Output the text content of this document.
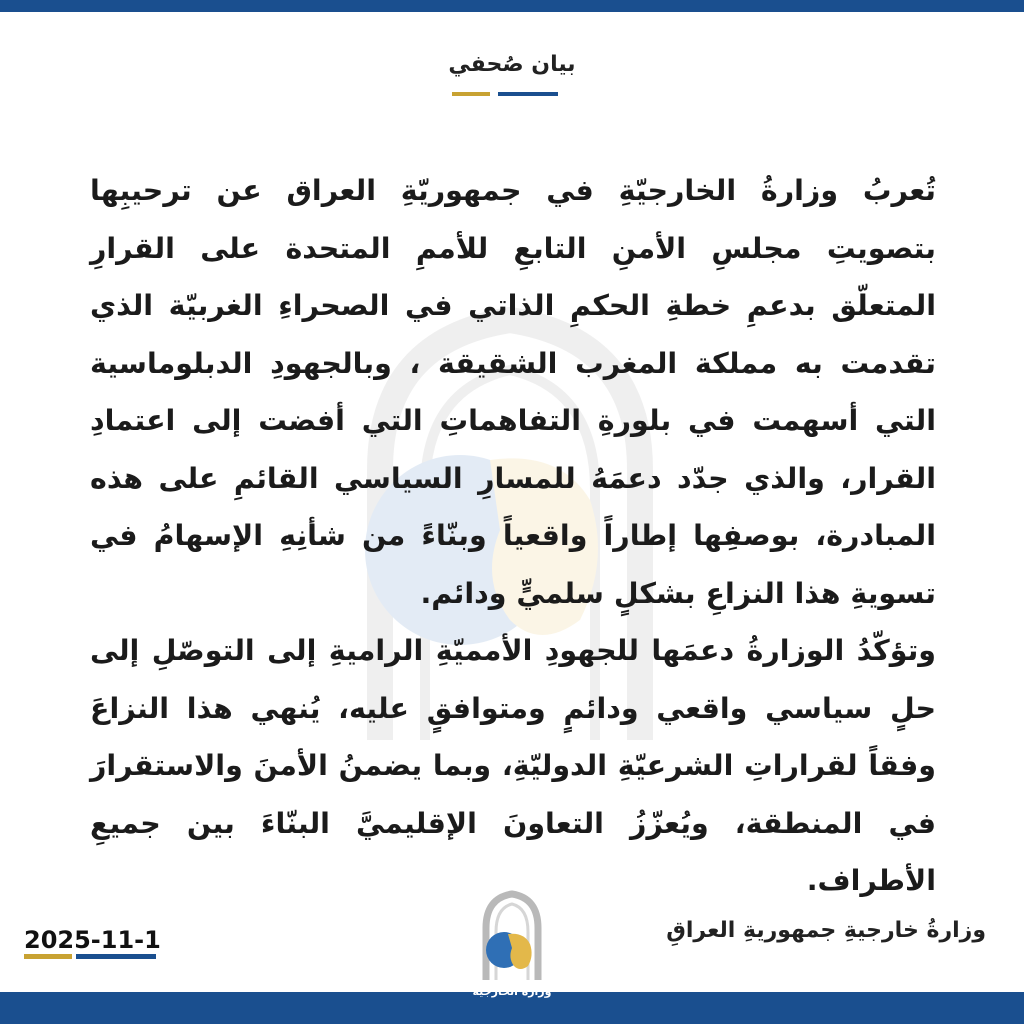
بيان صُحفي

تُعربُ وزارةُ الخارجيّةِ في جمهوريّةِ العراق عن ترحيبِها بتصويتِ مجلسِ الأمنِ التابعِ للأممِ المتحدة على القرارِ المتعلّق بدعمِ خطةِ الحكمِ الذاتي في الصحراءِ الغربيّة الذي تقدمت به مملكة المغرب الشقيقة ، وبالجهودِ الدبلوماسية التي أسهمت في بلورةِ التفاهماتِ التي أفضت إلى اعتمادِ القرار، والذي جدّد دعمَهُ للمسارِ السياسي القائمِ على هذه المبادرة، بوصفِها إطاراً واقعياً وبنّاءً من شأنِهِ الإسهامُ في تسويةِ هذا النزاعِ بشكلٍ سلميٍّ ودائم.

وتؤكّدُ الوزارةُ دعمَها للجهودِ الأمميّةِ الراميةِ إلى التوصّلِ إلى حلٍ سياسي واقعي ودائمٍ ومتوافقٍ عليه، يُنهي هذا النزاعَ وفقاً لقراراتِ الشرعيّةِ الدوليّةِ، وبما يضمنُ الأمنَ والاستقرارَ في المنطقة، ويُعزّزُ التعاونَ الإقليميَّ البنّاءَ بين جميعِ الأطراف.

وزارةُ خارجيةِ جمهوريةِ العراقِ
2025-11-1
وزارة الخارجية
